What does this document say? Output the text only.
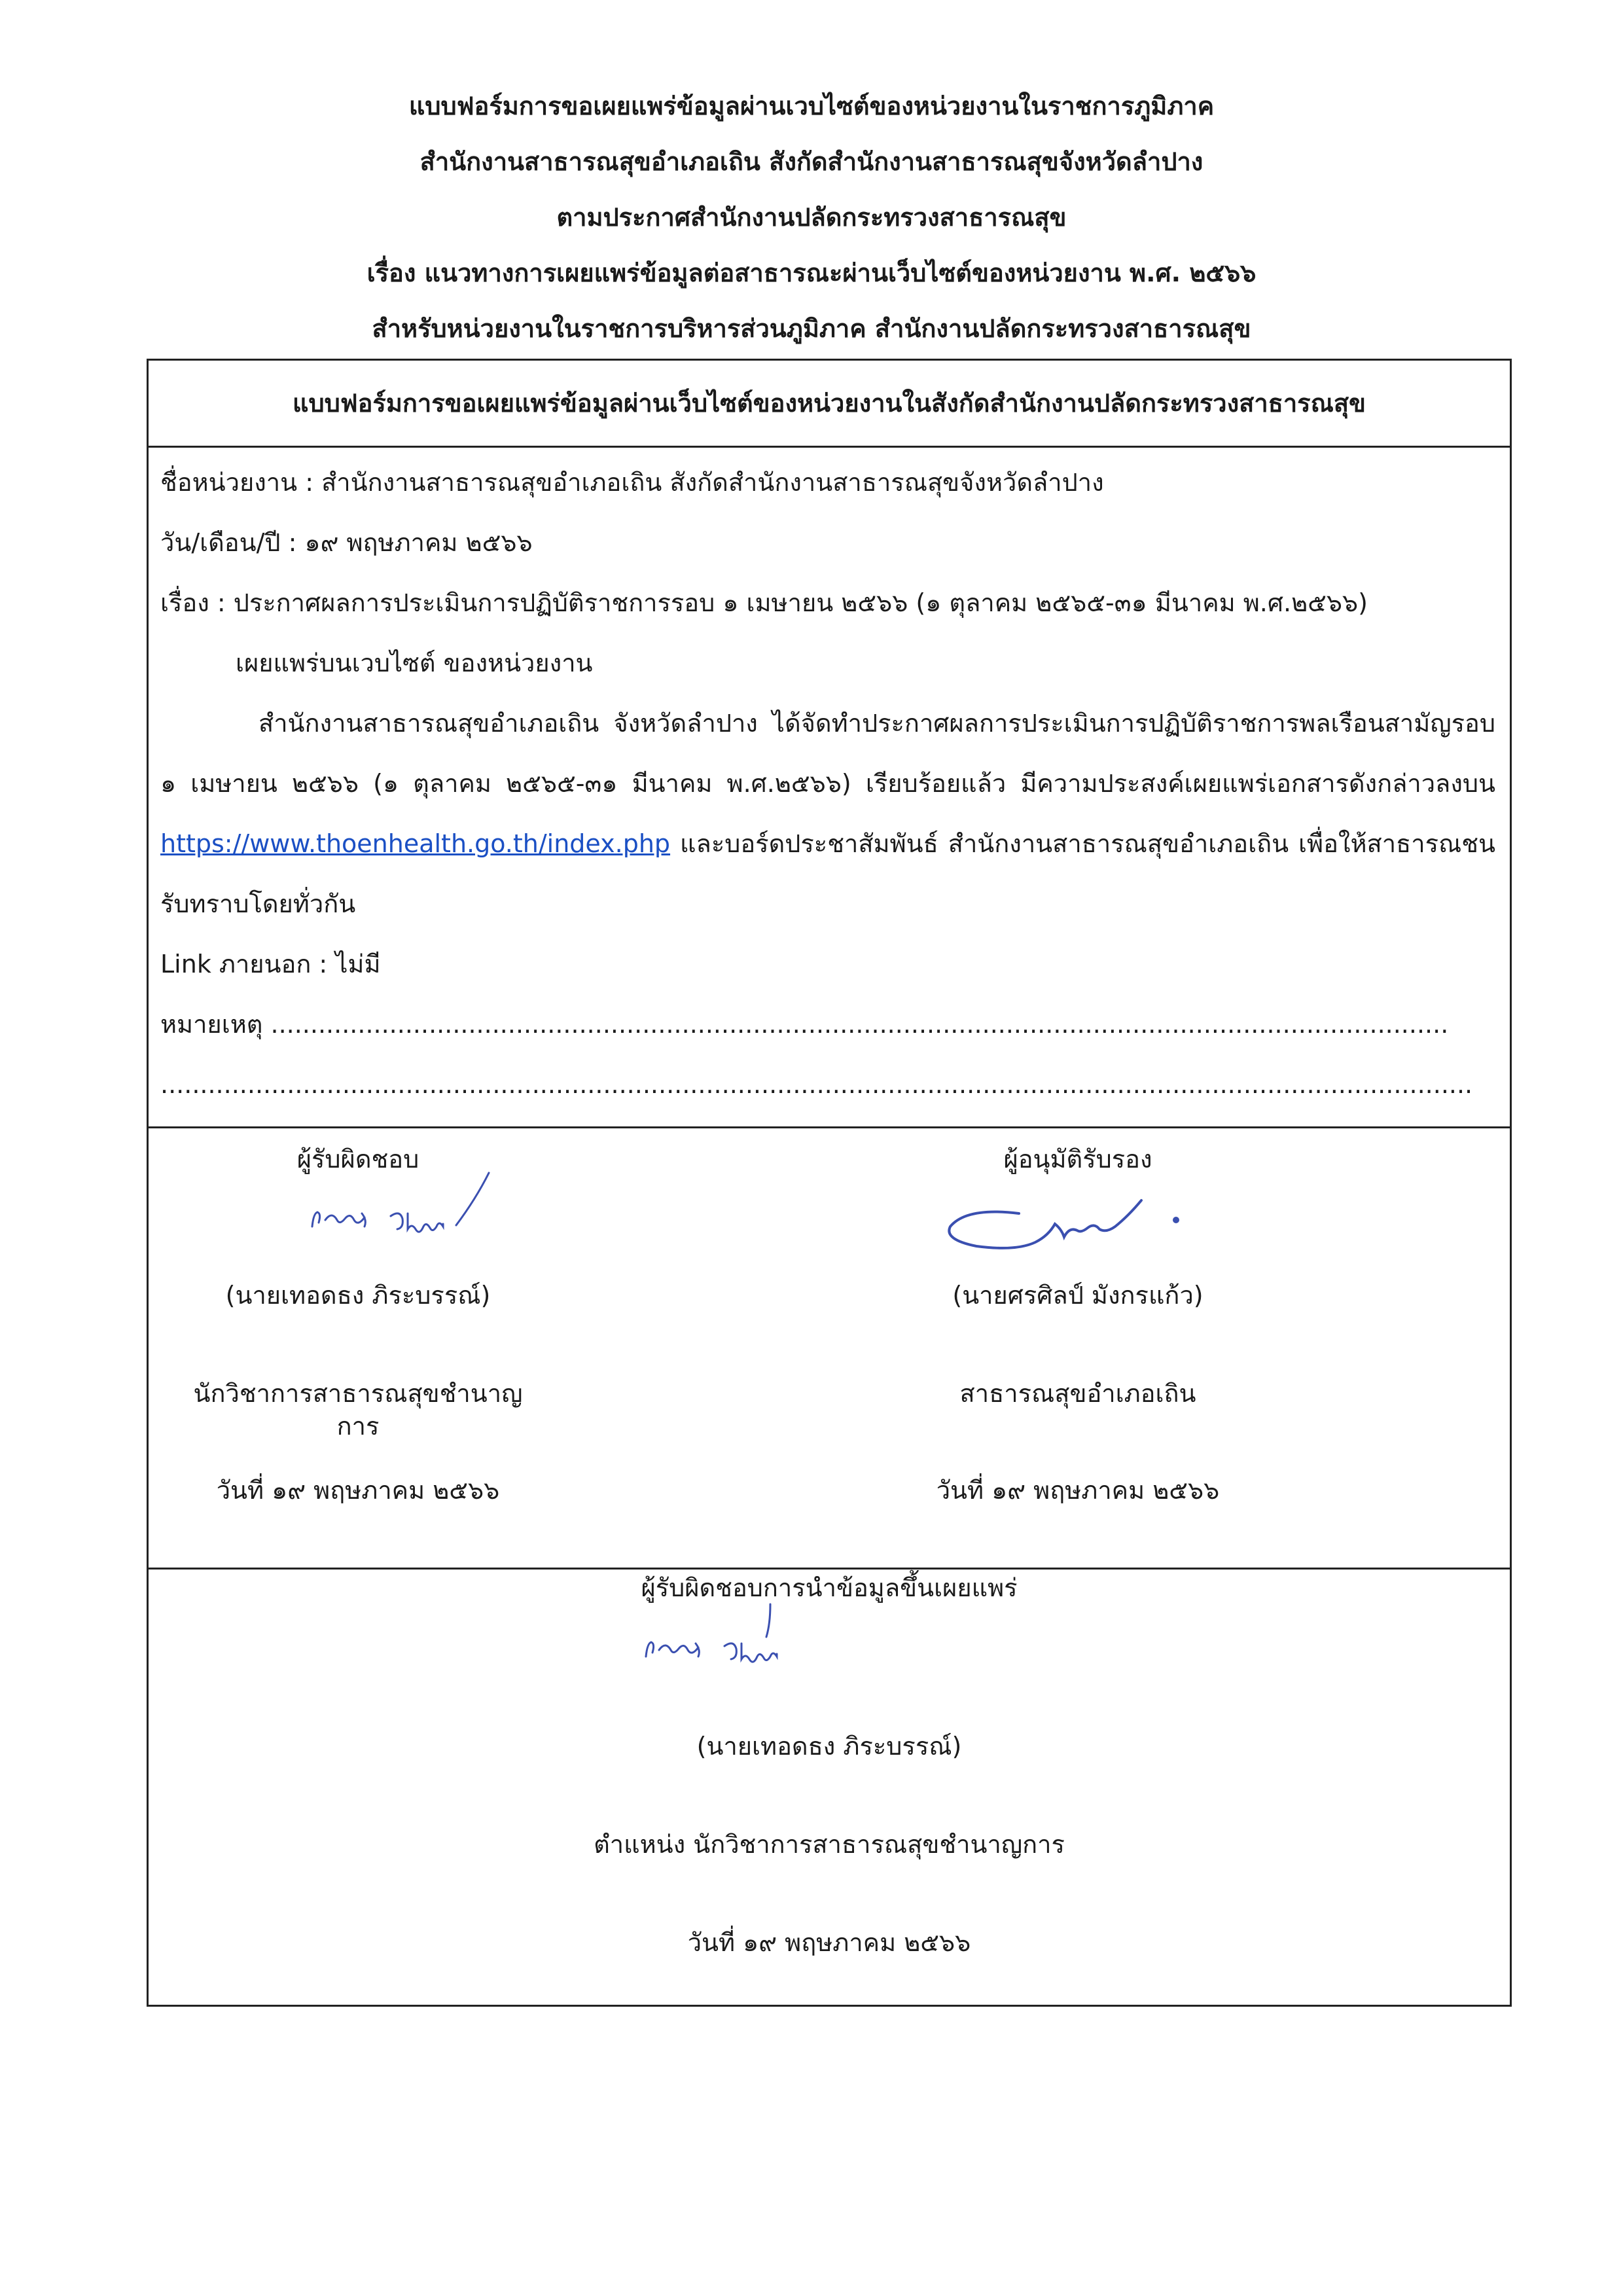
แบบฟอร์มการขอเผยแพร่ข้อมูลผ่านเวบไซต์ของหน่วยงานในราชการภูมิภาค
สำนักงานสาธารณสุขอำเภอเถิน สังกัดสำนักงานสาธารณสุขจังหวัดลำปาง
ตามประกาศสำนักงานปลัดกระทรวงสาธารณสุข
เรื่อง แนวทางการเผยแพร่ข้อมูลต่อสาธารณะผ่านเว็บไซต์ของหน่วยงาน พ.ศ. ๒๕๖๖
สำหรับหน่วยงานในราชการบริหารส่วนภูมิภาค สำนักงานปลัดกระทรวงสาธารณสุข
แบบฟอร์มการขอเผยแพร่ข้อมูลผ่านเว็บไซต์ของหน่วยงานในสังกัดสำนักงานปลัดกระทรวงสาธารณสุข
ชื่อหน่วยงาน : สำนักงานสาธารณสุขอำเภอเถิน สังกัดสำนักงานสาธารณสุขจังหวัดลำปาง
วัน/เดือน/ปี : ๑๙ พฤษภาคม ๒๕๖๖
เรื่อง : ประกาศผลการประเมินการปฏิบัติราชการรอบ ๑ เมษายน ๒๕๖๖ (๑ ตุลาคม ๒๕๖๕-๓๑ มีนาคม พ.ศ.๒๕๖๖)
เผยแพร่บนเวบไซต์ ของหน่วยงาน
สำนักงานสาธารณสุขอำเภอเถิน จังหวัดลำปาง ได้จัดทำประกาศผลการประเมินการปฏิบัติราชการพลเรือนสามัญรอบ ๑ เมษายน ๒๕๖๖ (๑ ตุลาคม ๒๕๖๕-๓๑ มีนาคม พ.ศ.๒๕๖๖) เรียบร้อยแล้ว มีความประสงค์เผยแพร่เอกสารดังกล่าวลงบน https://www.thoenhealth.go.th/index.php และบอร์ดประชาสัมพันธ์ สำนักงานสาธารณสุขอำเภอเถิน เพื่อให้สาธารณชนรับทราบโดยทั่วกัน
Link ภายนอก : ไม่มี
หมายเหตุ .....................................................................................................................................................
......................................................................................................................................................................
ผู้รับผิดชอบ
(นายเทอดธง ภิระบรรณ์)
นักวิชาการสาธารณสุขชำนาญการ
วันที่ ๑๙ พฤษภาคม ๒๕๖๖
ผู้อนุมัติรับรอง
(นายศรศิลป์ มังกรแก้ว)
สาธารณสุขอำเภอเถิน
วันที่ ๑๙ พฤษภาคม ๒๕๖๖
ผู้รับผิดชอบการนำข้อมูลขึ้นเผยแพร่
(นายเทอดธง ภิระบรรณ์)
ตำแหน่ง นักวิชาการสาธารณสุขชำนาญการ
วันที่ ๑๙ พฤษภาคม ๒๕๖๖
